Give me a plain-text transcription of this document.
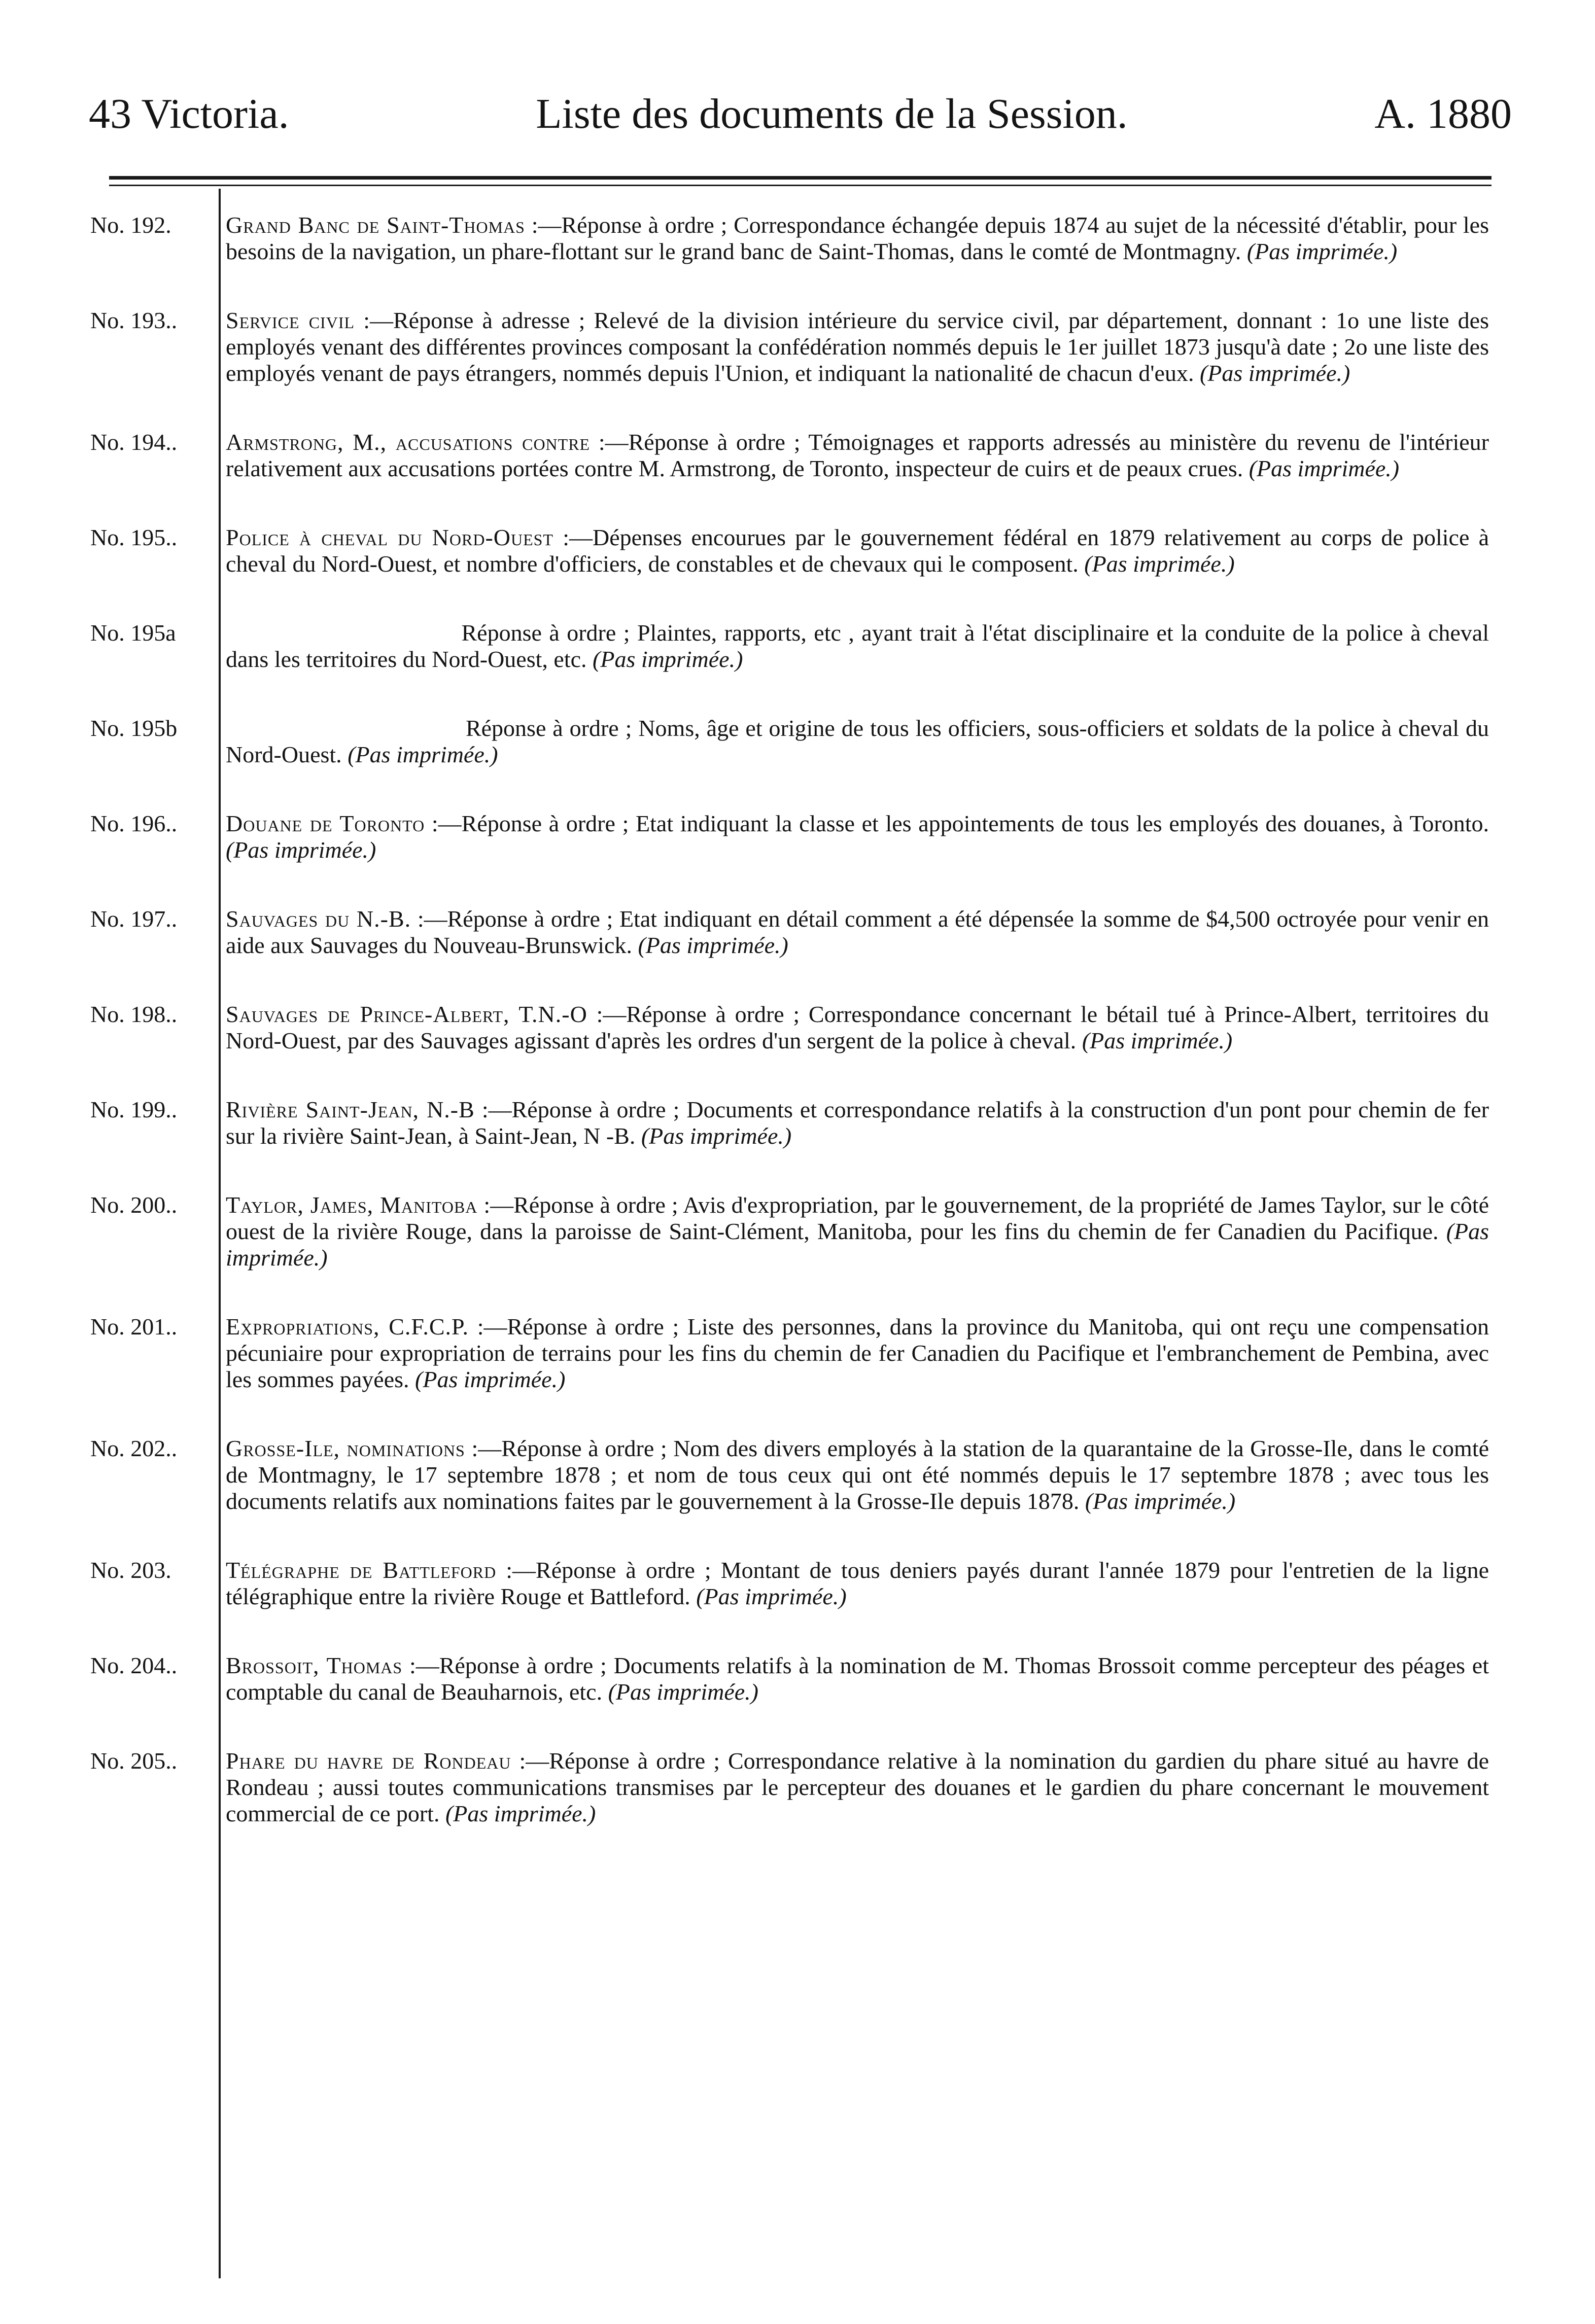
43 Victoria.	Liste des documents de la Session.	A. 1880
No. 192.	Grand Banc de Saint-Thomas :—Réponse à ordre ; Correspondance échangée depuis 1874 au sujet de la nécessité d'établir, pour les besoins de la navigation, un phare-flottant sur le grand banc de Saint-Thomas, dans le comté de Montmagny. (Pas imprimée.)
No. 193..	Service civil :—Réponse à adresse ; Relevé de la division intérieure du service civil, par département, donnant : 1o une liste des employés venant des différentes provinces composant la confédération nommés depuis le 1er juillet 1873 jusqu'à date ; 2o une liste des employés venant de pays étrangers, nommés depuis l'Union, et indiquant la nationalité de chacun d'eux. (Pas imprimée.)
No. 194..	Armstrong, M., accusations contre :—Réponse à ordre ; Témoignages et rapports adressés au ministère du revenu de l'intérieur relativement aux accusations portées contre M. Armstrong, de Toronto, inspecteur de cuirs et de peaux crues. (Pas imprimée.)
No. 195..	Police à cheval du Nord-Ouest :—Dépenses encourues par le gouvernement fédéral en 1879 relativement au corps de police à cheval du Nord-Ouest, et nombre d'officiers, de constables et de chevaux qui le composent. (Pas imprimée.)
No. 195a	Réponse à ordre ; Plaintes, rapports, etc , ayant trait à l'état disciplinaire et la conduite de la police à cheval dans les territoires du Nord-Ouest, etc. (Pas imprimée.)
No. 195b	Réponse à ordre ; Noms, âge et origine de tous les officiers, sous-officiers et soldats de la police à cheval du Nord-Ouest. (Pas imprimée.)
No. 196..	Douane de Toronto :—Réponse à ordre ; Etat indiquant la classe et les appointements de tous les employés des douanes, à Toronto. (Pas imprimée.)
No. 197..	Sauvages du N.-B. :—Réponse à ordre ; Etat indiquant en détail comment a été dépensée la somme de $4,500 octroyée pour venir en aide aux Sauvages du Nouveau-Brunswick. (Pas imprimée.)
No. 198..	Sauvages de Prince-Albert, T.N.-O :—Réponse à ordre ; Correspondance concernant le bétail tué à Prince-Albert, territoires du Nord-Ouest, par des Sauvages agissant d'après les ordres d'un sergent de la police à cheval. (Pas imprimée.)
No. 199..	Rivière Saint-Jean, N.-B :—Réponse à ordre ; Documents et correspondance relatifs à la construction d'un pont pour chemin de fer sur la rivière Saint-Jean, à Saint-Jean, N -B. (Pas imprimée.)
No. 200..	Taylor, James, Manitoba :—Réponse à ordre ; Avis d'expropriation, par le gouvernement, de la propriété de James Taylor, sur le côté ouest de la rivière Rouge, dans la paroisse de Saint-Clément, Manitoba, pour les fins du chemin de fer Canadien du Pacifique. (Pas imprimée.)
No. 201..	Expropriations, C.F.C.P. :—Réponse à ordre ; Liste des personnes, dans la province du Manitoba, qui ont reçu une compensation pécuniaire pour expropriation de terrains pour les fins du chemin de fer Canadien du Pacifique et l'embranchement de Pembina, avec les sommes payées. (Pas imprimée.)
No. 202..	Grosse-Ile, nominations :—Réponse à ordre ; Nom des divers employés à la station de la quarantaine de la Grosse-Ile, dans le comté de Montmagny, le 17 septembre 1878 ; et nom de tous ceux qui ont été nommés depuis le 17 septembre 1878 ; avec tous les documents relatifs aux nominations faites par le gouvernement à la Grosse-Ile depuis 1878. (Pas imprimée.)
No. 203.	Télégraphe de Battleford :—Réponse à ordre ; Montant de tous deniers payés durant l'année 1879 pour l'entretien de la ligne télégraphique entre la rivière Rouge et Battleford. (Pas imprimée.)
No. 204..	Brossoit, Thomas :—Réponse à ordre ; Documents relatifs à la nomination de M. Thomas Brossoit comme percepteur des péages et comptable du canal de Beauharnois, etc. (Pas imprimée.)
No. 205..	Phare du havre de Rondeau :—Réponse à ordre ; Correspondance relative à la nomination du gardien du phare situé au havre de Rondeau ; aussi toutes communications transmises par le percepteur des douanes et le gardien du phare concernant le mouvement commercial de ce port. (Pas imprimée.)
